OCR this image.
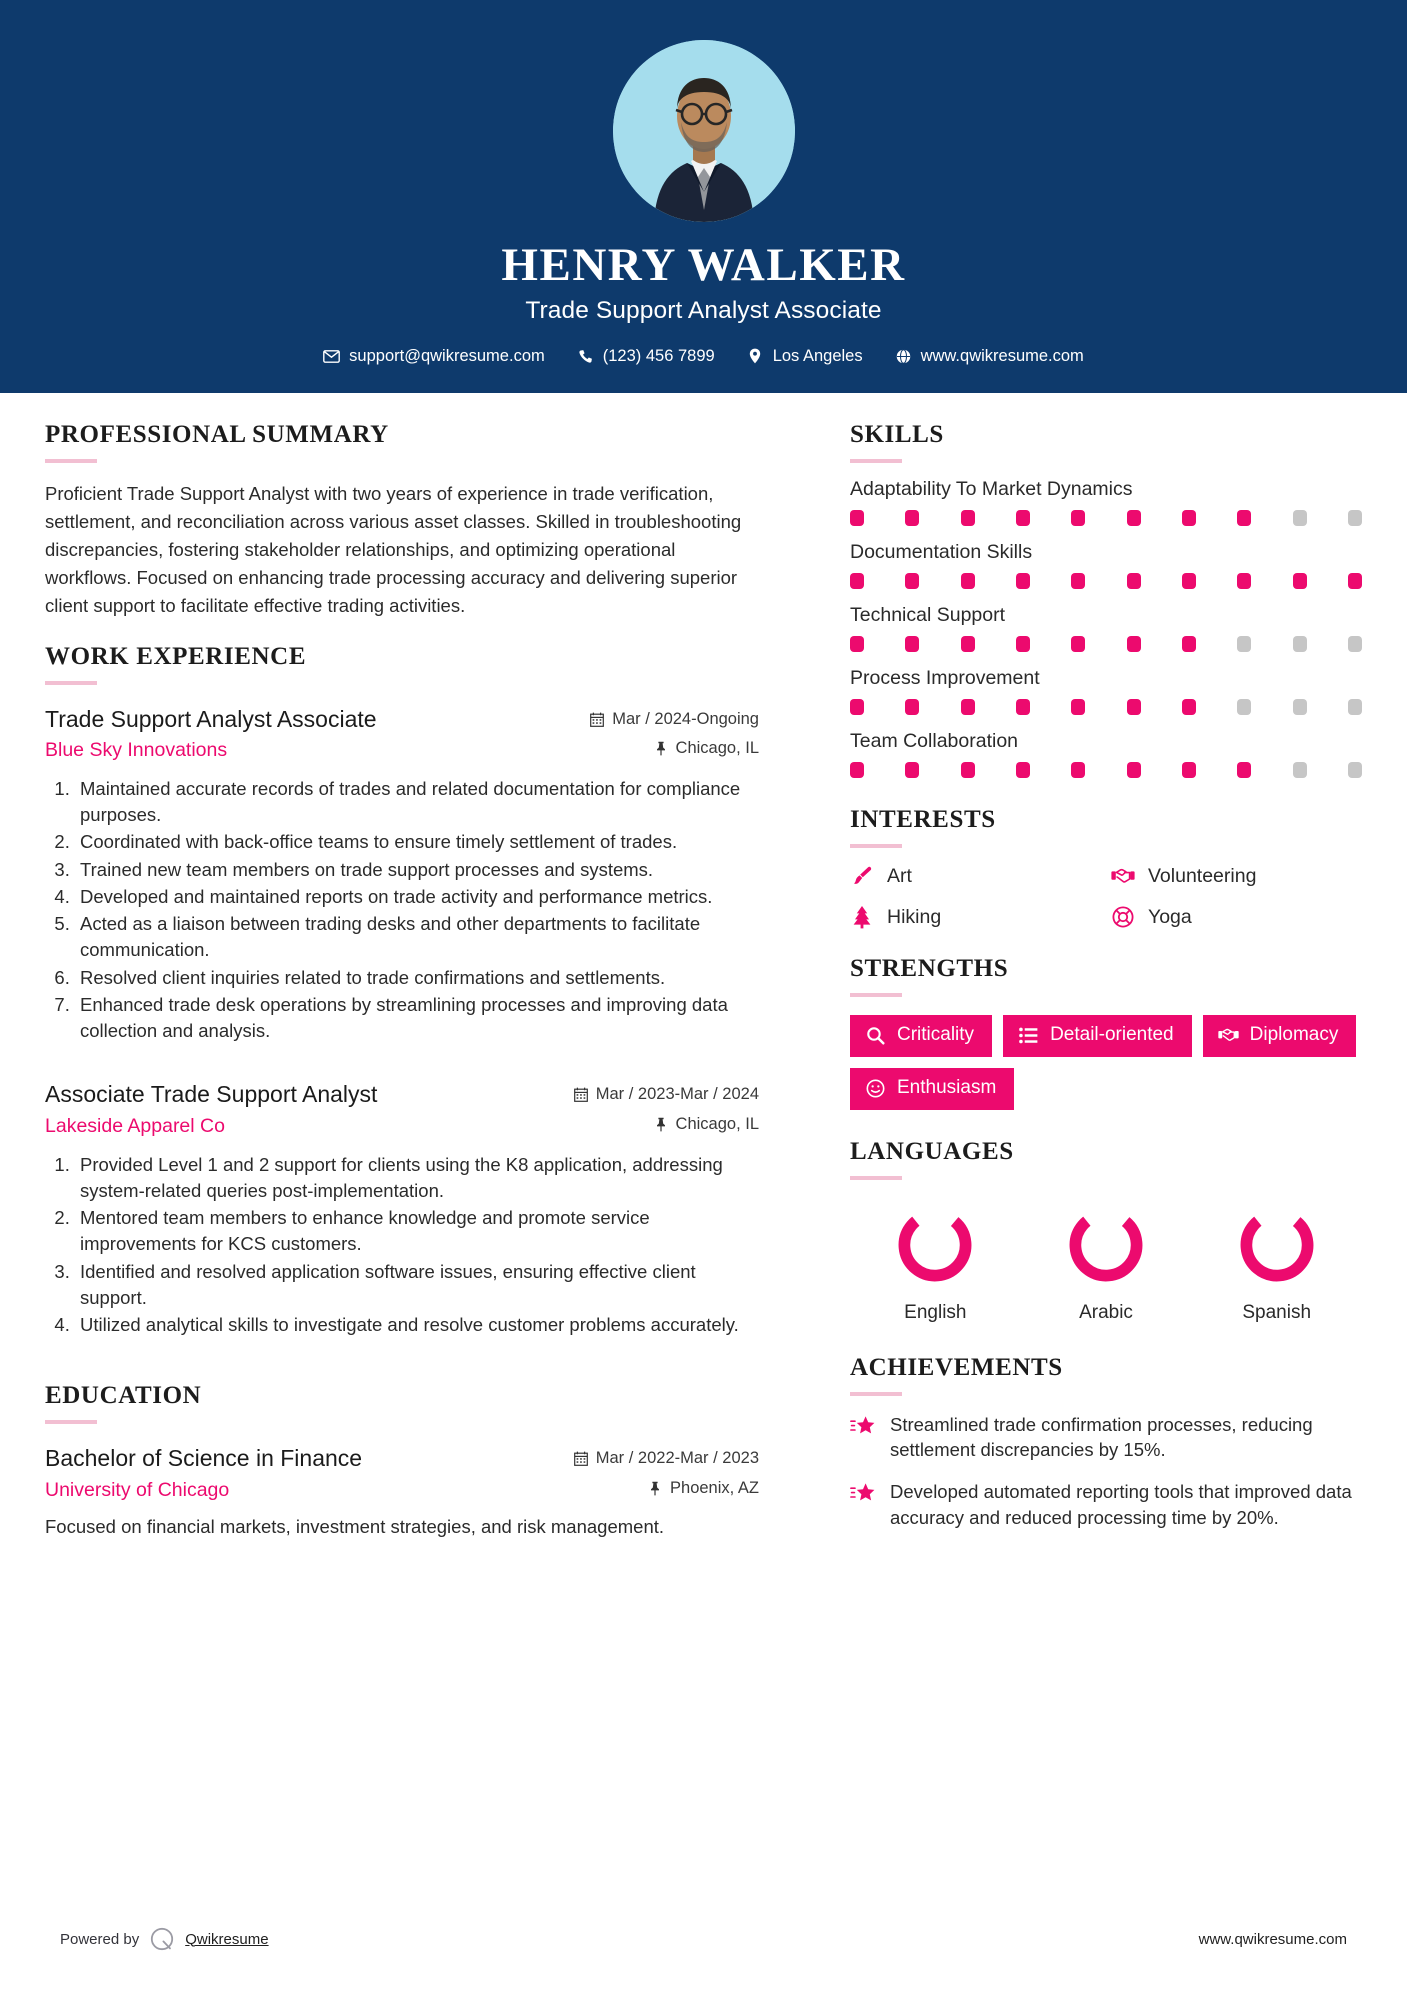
HENRY WALKER
Trade Support Analyst Associate
support@qwikresume.com	(123) 456 7899	Los Angeles	www.qwikresume.com
PROFESSIONAL SUMMARY

Proficient Trade Support Analyst with two years of experience in trade verification, settlement, and reconciliation across various asset classes. Skilled in troubleshooting discrepancies, fostering stakeholder relationships, and optimizing operational workflows. Focused on enhancing trade processing accuracy and delivering superior client support to facilitate effective trading activities.

WORK EXPERIENCE
Trade Support Analyst Associate	Mar / 2024-Ongoing
Blue Sky Innovations	Chicago, IL
1. Maintained accurate records of trades and related documentation for compliance purposes.
2. Coordinated with back-office teams to ensure timely settlement of trades.
3. Trained new team members on trade support processes and systems.
4. Developed and maintained reports on trade activity and performance metrics.
5. Acted as a liaison between trading desks and other departments to facilitate communication.
6. Resolved client inquiries related to trade confirmations and settlements.
7. Enhanced trade desk operations by streamlining processes and improving data collection and analysis.
Associate Trade Support Analyst	Mar / 2023-Mar / 2024
Lakeside Apparel Co	Chicago, IL
1. Provided Level 1 and 2 support for clients using the K8 application, addressing system-related queries post-implementation.
2. Mentored team members to enhance knowledge and promote service improvements for KCS customers.
3. Identified and resolved application software issues, ensuring effective client support.
4. Utilized analytical skills to investigate and resolve customer problems accurately.
EDUCATION
Bachelor of Science in Finance	Mar / 2022-Mar / 2023
University of Chicago	Phoenix, AZ

Focused on financial markets, investment strategies, and risk management.

SKILLS
Adaptability To Market Dynamics
Documentation Skills
Technical Support
Process Improvement
Team Collaboration
INTERESTS
Art	Volunteering
Hiking	Yoga
STRENGTHS
Criticality	Detail-oriented	Diplomacy
Enthusiasm
LANGUAGES
English	Arabic	Spanish
ACHIEVEMENTS
Streamlined trade confirmation processes, reducing settlement discrepancies by 15%.
Developed automated reporting tools that improved data accuracy and reduced processing time by 20%.
Powered by	Qwikresume	www.qwikresume.com
